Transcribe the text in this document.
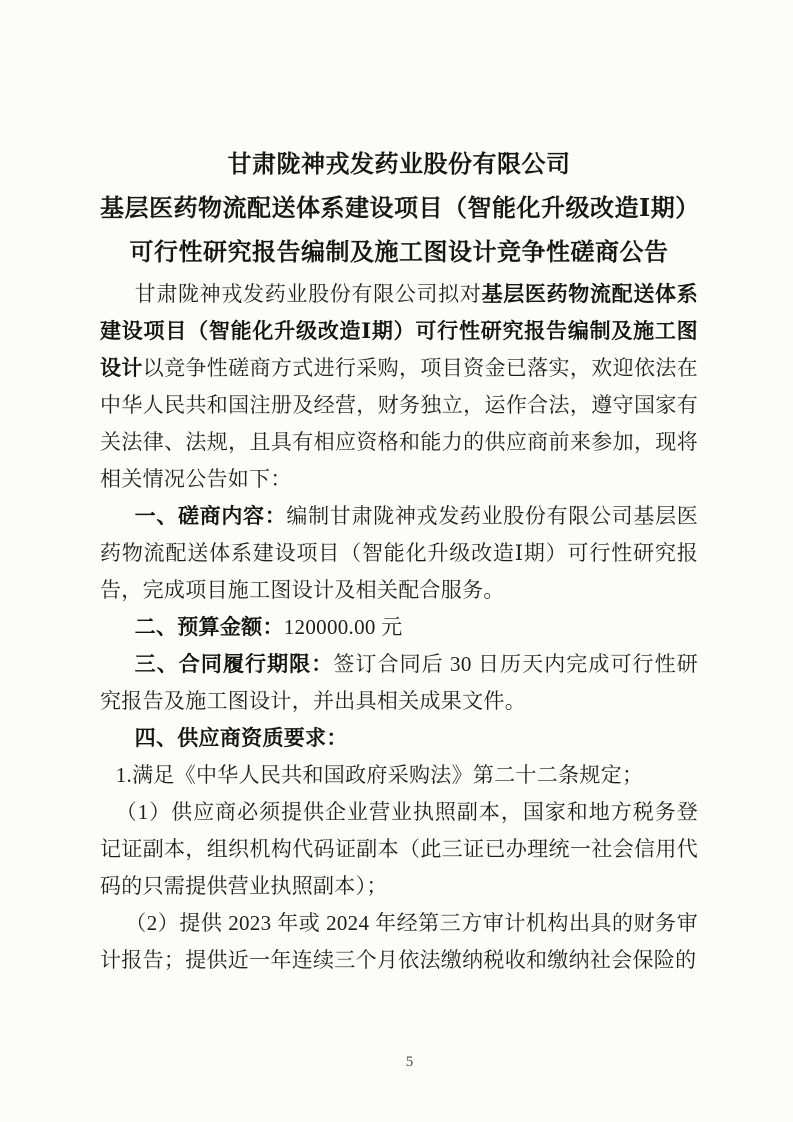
甘肃陇神戎发药业股份有限公司
基层医药物流配送体系建设项目（智能化升级改造Ⅰ期）
可行性研究报告编制及施工图设计竞争性磋商公告

甘肃陇神戎发药业股份有限公司拟对基层医药物流配送体系建设项目（智能化升级改造Ⅰ期）可行性研究报告编制及施工图设计以竞争性磋商方式进行采购，项目资金已落实，欢迎依法在中华人民共和国注册及经营，财务独立，运作合法，遵守国家有关法律、法规，且具有相应资格和能力的供应商前来参加，现将相关情况公告如下：

一、磋商内容：编制甘肃陇神戎发药业股份有限公司基层医药物流配送体系建设项目（智能化升级改造Ⅰ期）可行性研究报告，完成项目施工图设计及相关配合服务。

二、预算金额：120000.00 元

三、合同履行期限：签订合同后 30 日历天内完成可行性研究报告及施工图设计，并出具相关成果文件。

四、供应商资质要求：

1.满足《中华人民共和国政府采购法》第二十二条规定；

（1）供应商必须提供企业营业执照副本，国家和地方税务登记证副本，组织机构代码证副本（此三证已办理统一社会信用代码的只需提供营业执照副本）；

（2）提供 2023 年或 2024 年经第三方审计机构出具的财务审计报告；提供近一年连续三个月依法缴纳税收和缴纳社会保险的

5
